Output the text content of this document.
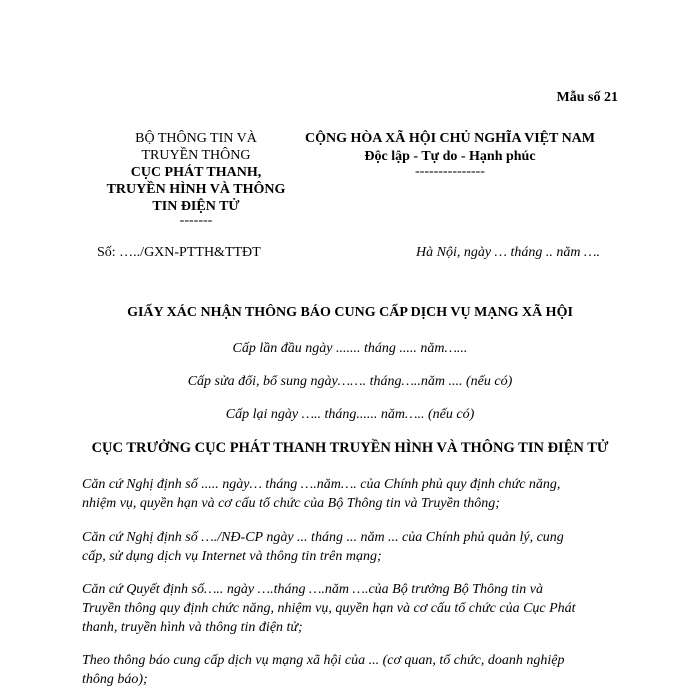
Mẫu số 21
BỘ THÔNG TIN VÀ
TRUYỀN THÔNG
CỤC PHÁT THANH,
TRUYỀN HÌNH VÀ THÔNG
TIN ĐIỆN TỬ
-------
CỘNG HÒA XÃ HỘI CHỦ NGHĨA VIỆT NAM
Độc lập - Tự do - Hạnh phúc
---------------
Số: …../GXN-PTTH&TTĐT	Hà Nội, ngày … tháng .. năm ….
GIẤY XÁC NHẬN THÔNG BÁO CUNG CẤP DỊCH VỤ MẠNG XÃ HỘI
Cấp lần đầu ngày ....... tháng ..... năm…...
Cấp sửa đổi, bổ sung ngày……. tháng…..năm .... (nếu có)
Cấp lại ngày ….. tháng...... năm….. (nếu có)
CỤC TRƯỞNG CỤC PHÁT THANH TRUYỀN HÌNH VÀ THÔNG TIN ĐIỆN TỬ
Căn cứ Nghị định số ..... ngày… tháng ….năm…. của Chính phủ quy định chức năng,
nhiệm vụ, quyền hạn và cơ cấu tổ chức của Bộ Thông tin và Truyền thông;
Căn cứ Nghị định số …./NĐ-CP ngày ... tháng ... năm ... của Chính phủ quản lý, cung
cấp, sử dụng dịch vụ Internet và thông tin trên mạng;
Căn cứ Quyết định số….. ngày ….tháng ….năm ….của Bộ trưởng Bộ Thông tin và
Truyền thông quy định chức năng, nhiệm vụ, quyền hạn và cơ cấu tổ chức của Cục Phát
thanh, truyền hình và thông tin điện tử;
Theo thông báo cung cấp dịch vụ mạng xã hội của ... (cơ quan, tổ chức, doanh nghiệp
thông báo);
